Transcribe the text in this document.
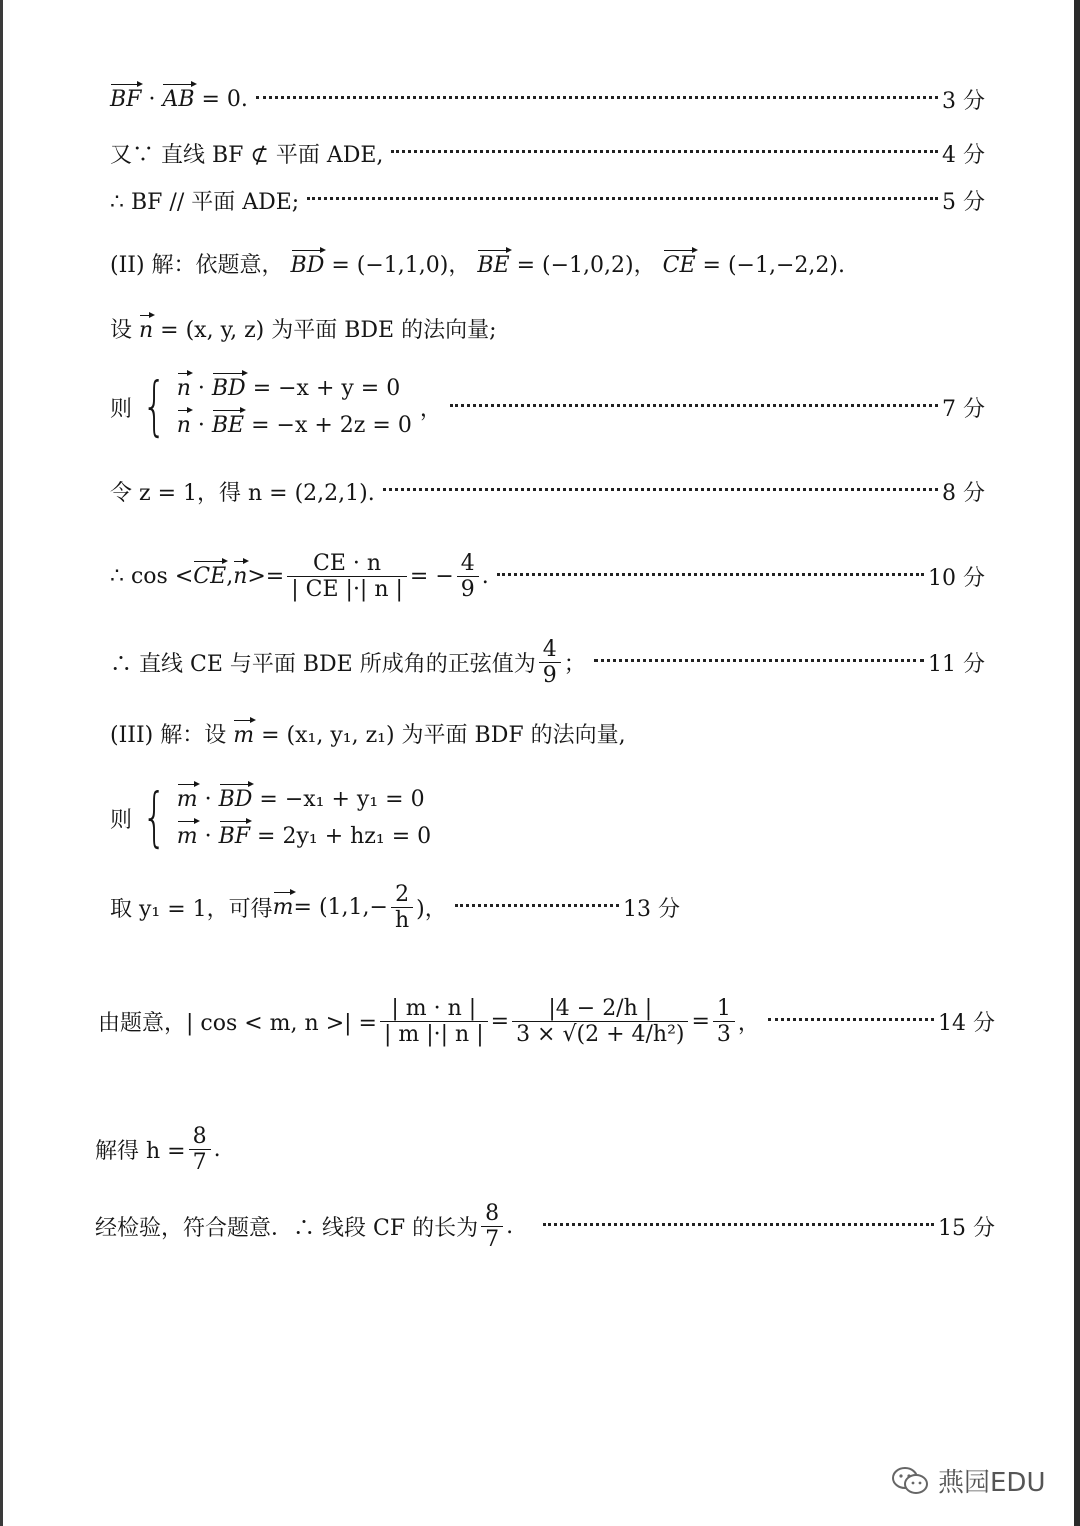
BF · AB = 0.	3 分
又∵ 直线 BF ⊄ 平面 ADE,	4 分
∴ BF // 平面 ADE;	5 分
(II) 解：依题意， BD = (−1,1,0)， BE = (−1,0,2)， CE = (−1,−2,2).
设 n = (x, y, z) 为平面 BDE 的法向量;
则 { n · BD = −x + y = 0
n · BE = −x + 2z = 0
，	7 分
令 z = 1，得 n = (2,2,1).	8 分
∴ cos < CE , $n >= \frac{CE \cdot n}{| CE |\cdot| n |}$ = − $\frac{4}{9}$ .	10 分
∴ 直线 CE 与平面 BDE 所成角的正弦值为 $\frac{4}{9}$ ；	11 分
(III) 解：设 m = (x₁, y₁, z₁) 为平面 BDF 的法向量,
则 { m · BD = −x₁ + y₁ = 0
m · BF = 2y₁ + hz₁ = 0
取 y₁ = 1，可得 $m = (1,1,- \frac{2}{h}$ )，	13 分
由题意，| cos < m, n >| = $\frac{| m \cdot n |}{| m |\cdot| n |} = \frac{|4 - 2/h |}{\text{3 × √(2 + 4/h²)}} = \frac{1}{3}$ ，	14 分
解得 $h = \frac{8}{7}$ .
经检验，符合题意．∴ 线段 CF 的长为 $\frac{8}{7}$ .	15 分
燕园EDU
